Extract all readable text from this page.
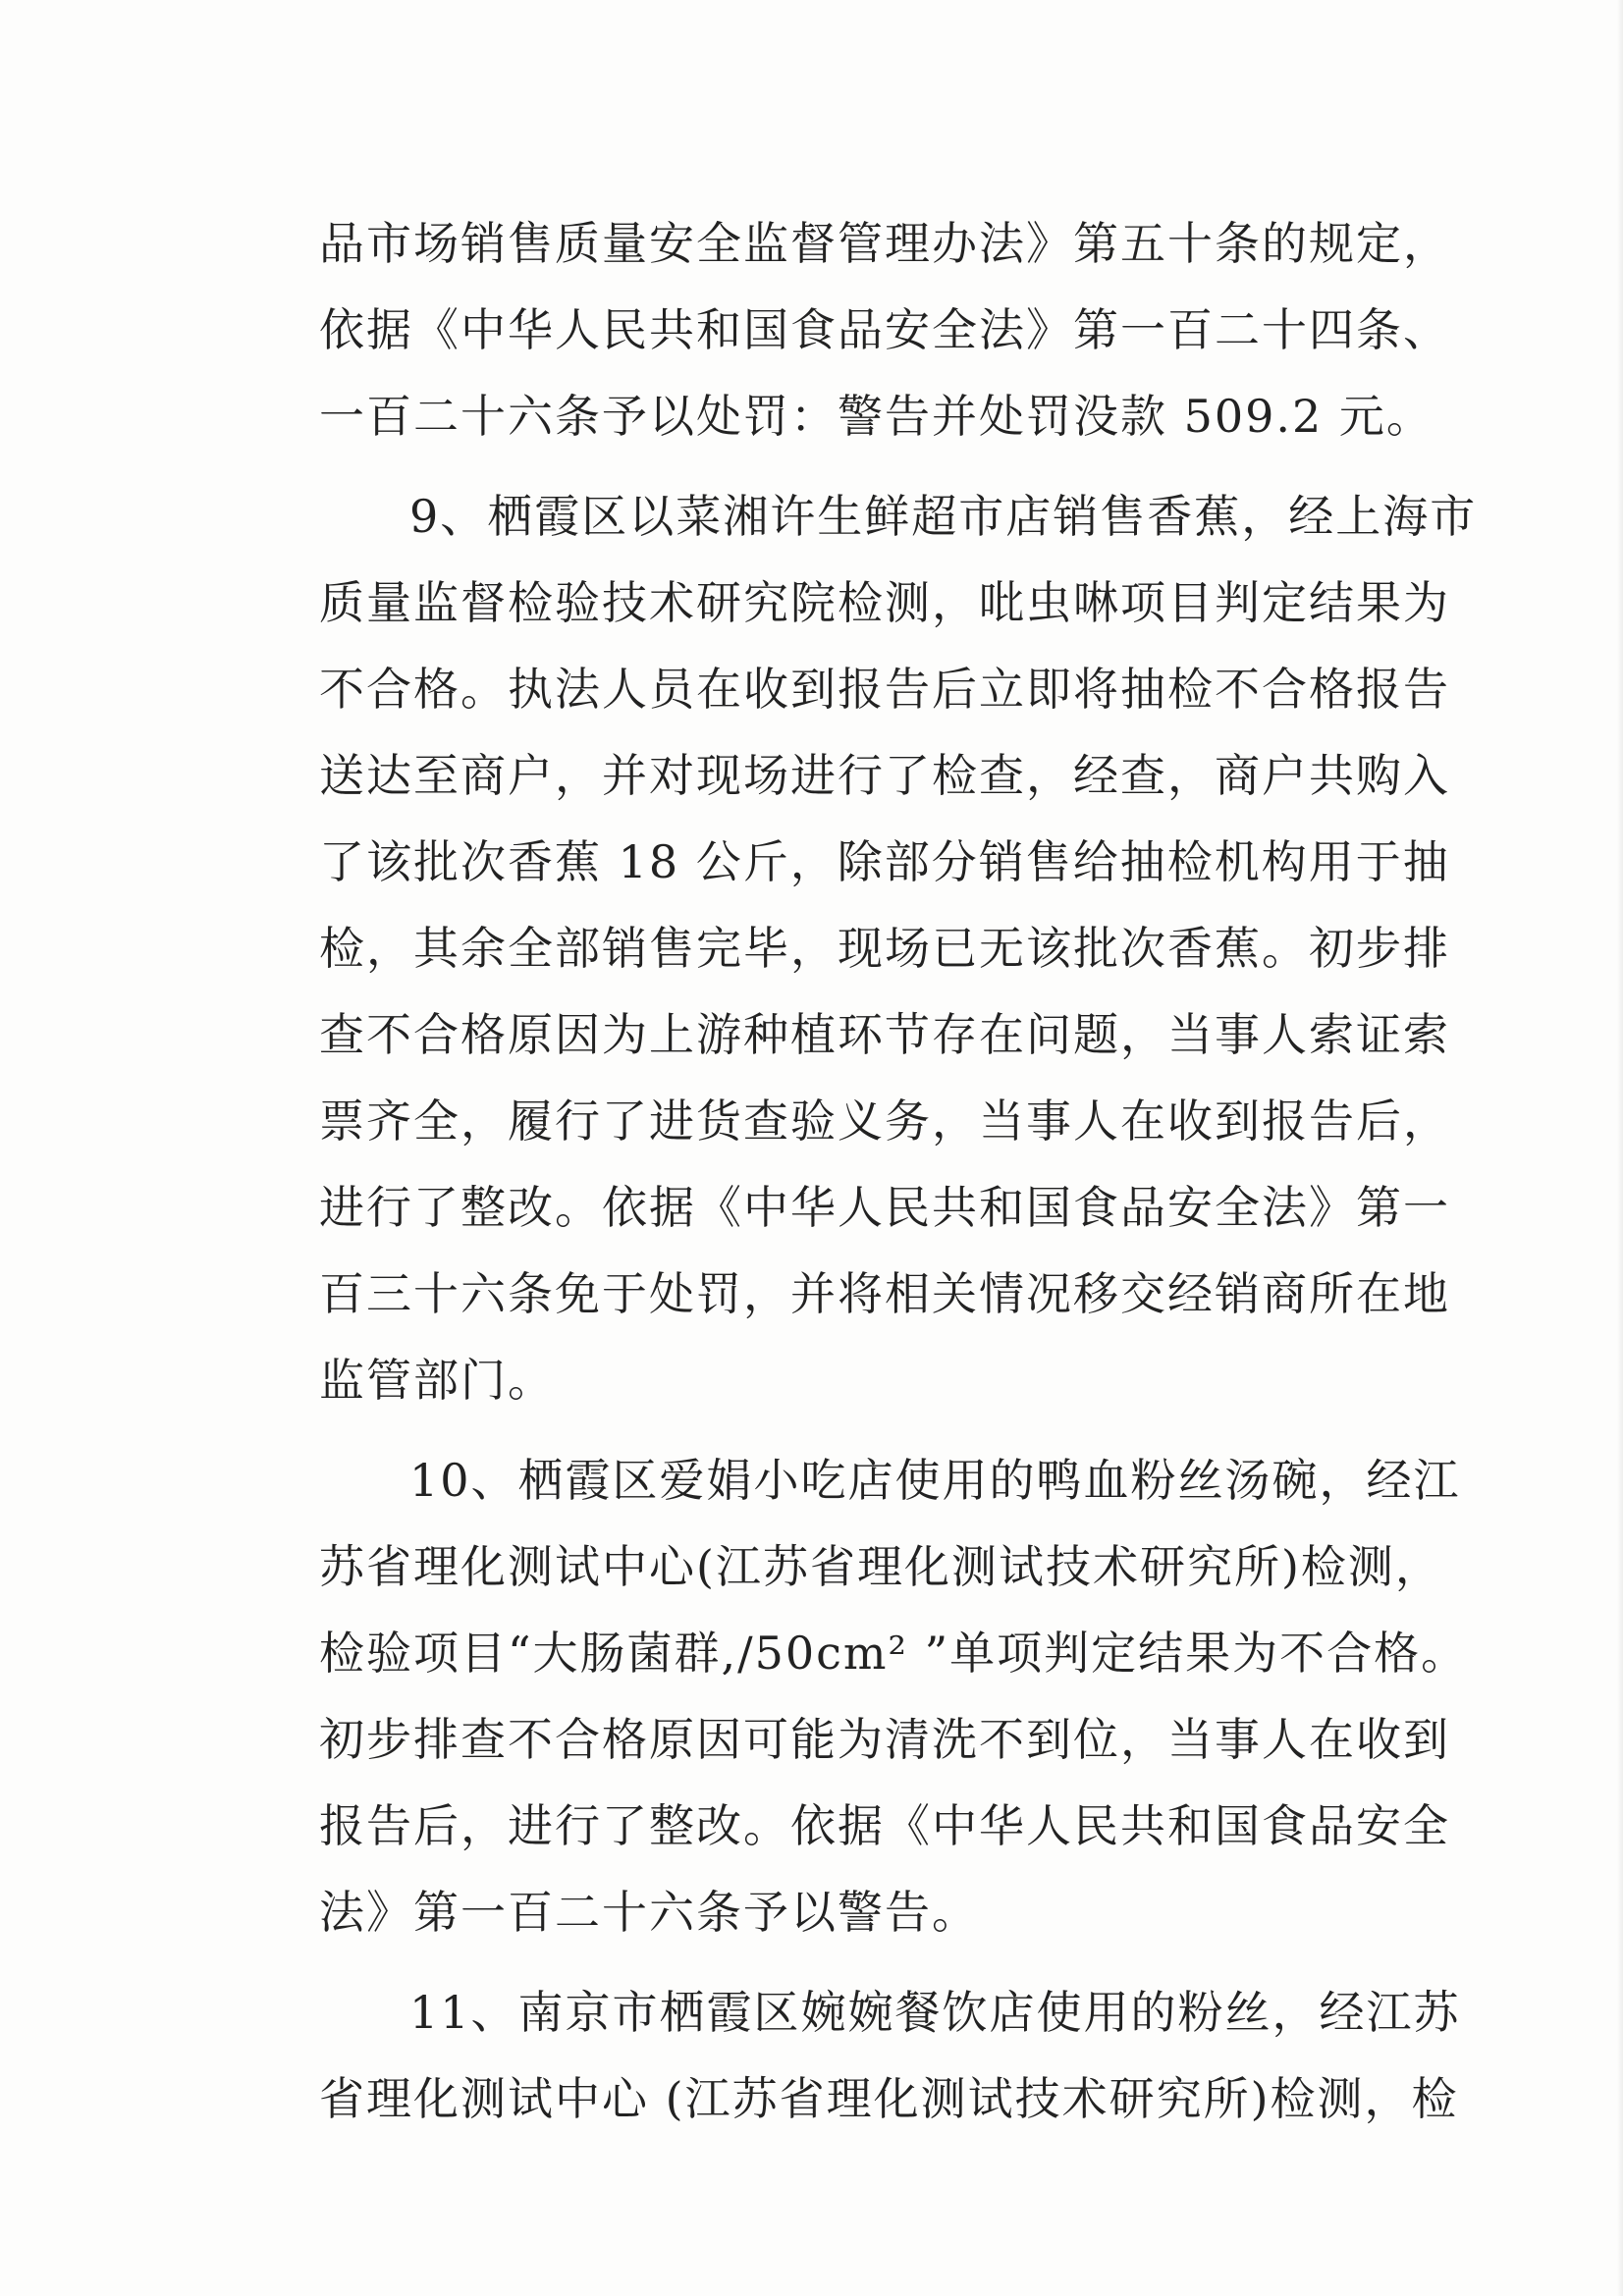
品市场销售质量安全监督管理办法》第五十条的规定，
依据《中华人民共和国食品安全法》第一百二十四条、
一百二十六条予以处罚：警告并处罚没款 509.2 元。
9、栖霞区以菜湘许生鲜超市店销售香蕉，经上海市
质量监督检验技术研究院检测，吡虫啉项目判定结果为
不合格。执法人员在收到报告后立即将抽检不合格报告
送达至商户，并对现场进行了检查，经查，商户共购入
了该批次香蕉 18 公斤，除部分销售给抽检机构用于抽
检，其余全部销售完毕，现场已无该批次香蕉。初步排
查不合格原因为上游种植环节存在问题，当事人索证索
票齐全，履行了进货查验义务，当事人在收到报告后，
进行了整改。依据《中华人民共和国食品安全法》第一
百三十六条免于处罚，并将相关情况移交经销商所在地
监管部门。
10、栖霞区爱娟小吃店使用的鸭血粉丝汤碗，经江
苏省理化测试中心(江苏省理化测试技术研究所)检测，
检验项目“大肠菌群,/50cm² ”单项判定结果为不合格。
初步排查不合格原因可能为清洗不到位，当事人在收到
报告后，进行了整改。依据《中华人民共和国食品安全
法》第一百二十六条予以警告。
11、南京市栖霞区婉婉餐饮店使用的粉丝，经江苏
省理化测试中心 (江苏省理化测试技术研究所)检测，检
